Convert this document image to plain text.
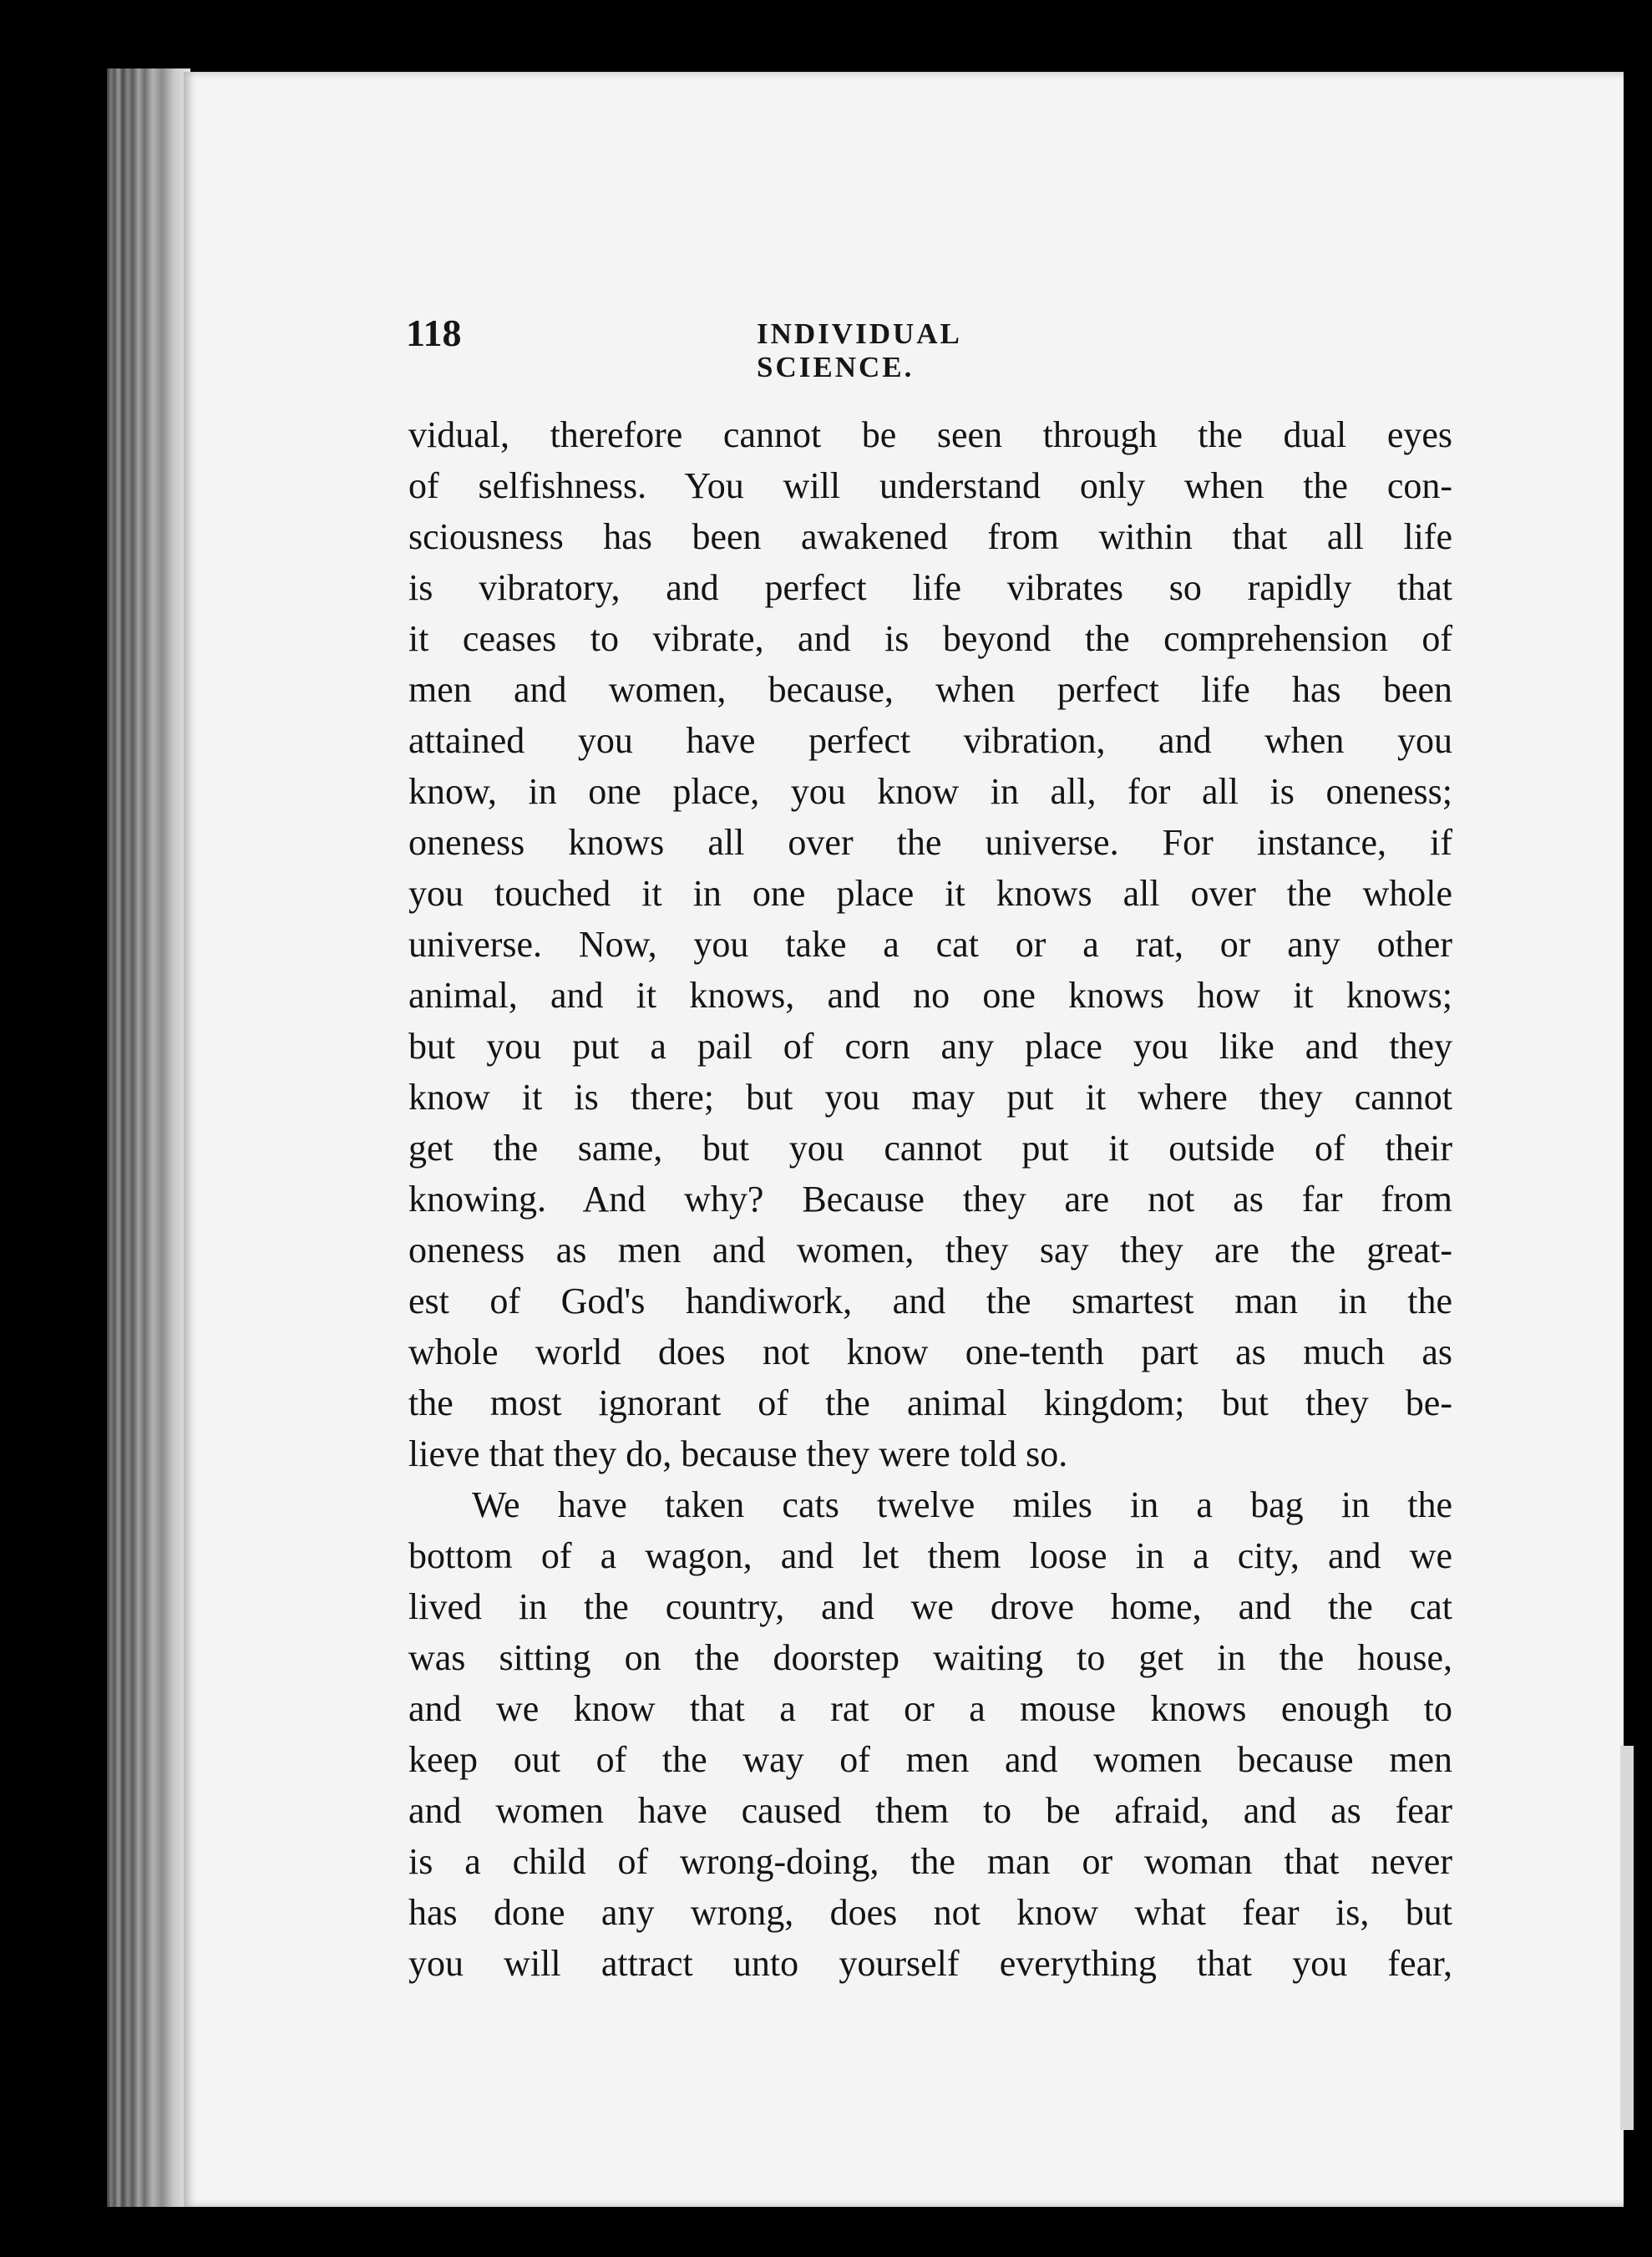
118	INDIVIDUAL SCIENCE.

vidual, therefore cannot be seen through the dual eyes
of selfishness. You will understand only when the con-
sciousness has been awakened from within that all life
is vibratory, and perfect life vibrates so rapidly that
it ceases to vibrate, and is beyond the comprehension of
men and women, because, when perfect life has been
attained you have perfect vibration, and when you
know, in one place, you know in all, for all is oneness;
oneness knows all over the universe. For instance, if
you touched it in one place it knows all over the whole
universe. Now, you take a cat or a rat, or any other
animal, and it knows, and no one knows how it knows;
but you put a pail of corn any place you like and they
know it is there; but you may put it where they cannot
get the same, but you cannot put it outside of their
knowing. And why? Because they are not as far from
oneness as men and women, they say they are the great-
est of God's handiwork, and the smartest man in the
whole world does not know one-tenth part as much as
the most ignorant of the animal kingdom; but they be-
lieve that they do, because they were told so.

We have taken cats twelve miles in a bag in the
bottom of a wagon, and let them loose in a city, and we
lived in the country, and we drove home, and the cat
was sitting on the doorstep waiting to get in the house,
and we know that a rat or a mouse knows enough to
keep out of the way of men and women because men
and women have caused them to be afraid, and as fear
is a child of wrong-doing, the man or woman that never
has done any wrong, does not know what fear is, but
you will attract unto yourself everything that you fear,
